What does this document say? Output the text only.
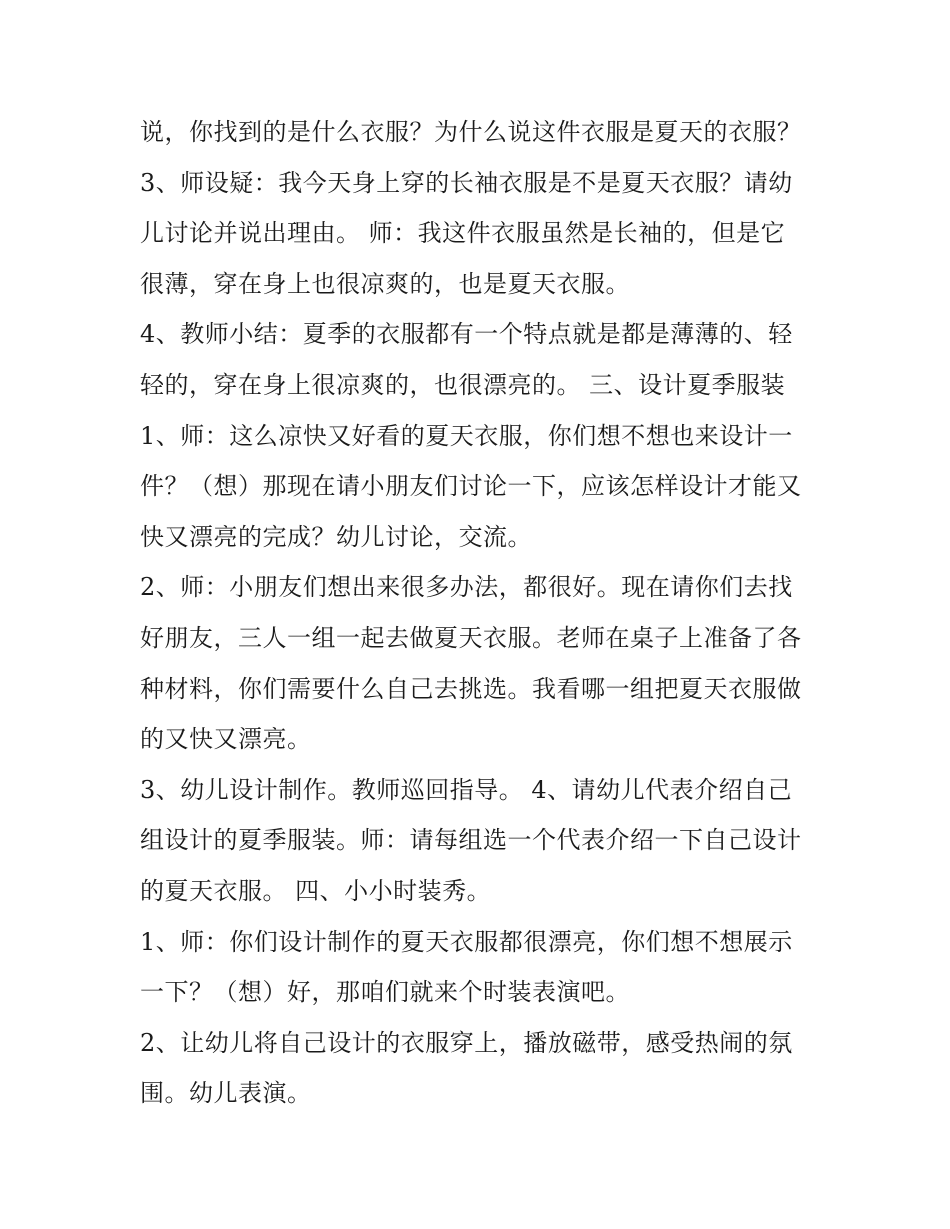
说，你找到的是什么衣服？为什么说这件衣服是夏天的衣服？
3、师设疑：我今天身上穿的长袖衣服是不是夏天衣服？请幼
儿讨论并说出理由。 师：我这件衣服虽然是长袖的，但是它
很薄，穿在身上也很凉爽的，也是夏天衣服。
4、教师小结：夏季的衣服都有一个特点就是都是薄薄的、轻
轻的，穿在身上很凉爽的，也很漂亮的。 三、设计夏季服装
1、师：这么凉快又好看的夏天衣服，你们想不想也来设计一
件？（想）那现在请小朋友们讨论一下，应该怎样设计才能又
快又漂亮的完成？幼儿讨论，交流。
2、师：小朋友们想出来很多办法，都很好。现在请你们去找
好朋友，三人一组一起去做夏天衣服。老师在桌子上准备了各
种材料，你们需要什么自己去挑选。我看哪一组把夏天衣服做
的又快又漂亮。
3、幼儿设计制作。教师巡回指导。 4、请幼儿代表介绍自己
组设计的夏季服装。师：请每组选一个代表介绍一下自己设计
的夏天衣服。 四、小小时装秀。
1、师：你们设计制作的夏天衣服都很漂亮，你们想不想展示
一下？（想）好，那咱们就来个时装表演吧。
2、让幼儿将自己设计的衣服穿上，播放磁带，感受热闹的氛
围。幼儿表演。
